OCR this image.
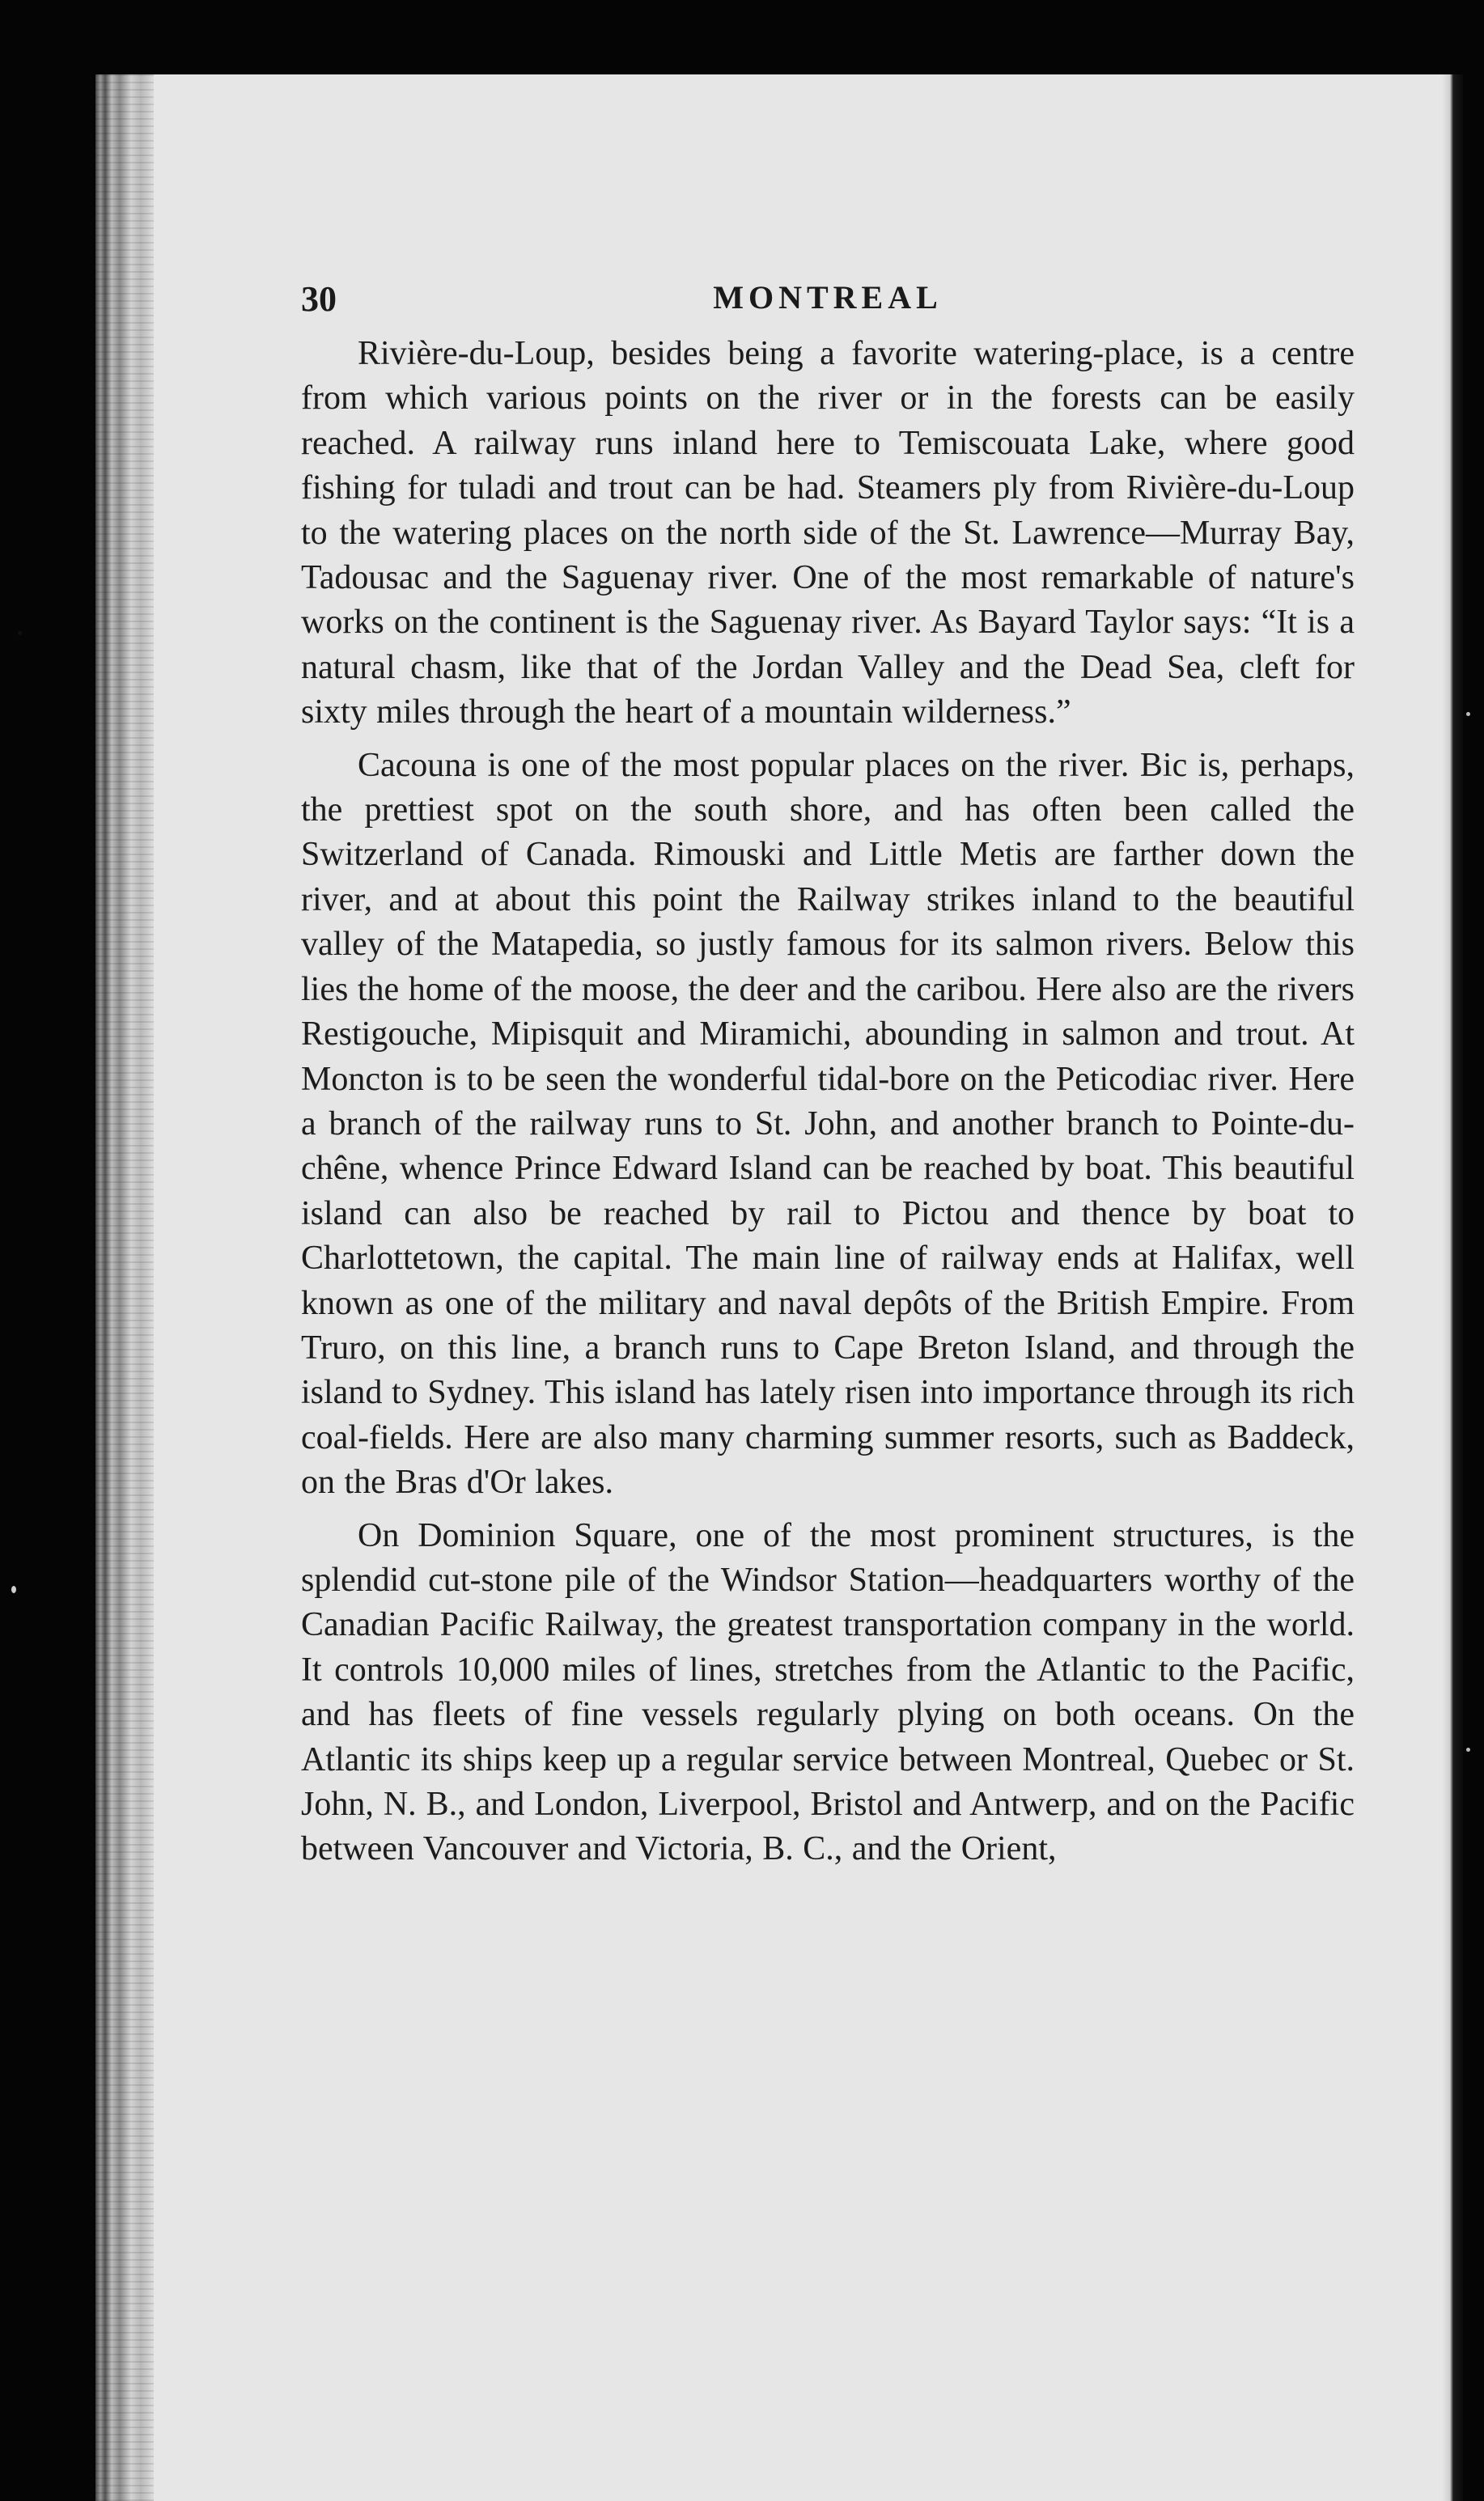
30	MONTREAL

Rivière-du-Loup, besides being a favorite watering-place, is a centre from which various points on the river or in the forests can be easily reached. A railway runs inland here to Temiscouata Lake, where good fishing for tuladi and trout can be had. Steamers ply from Rivière-du-Loup to the watering places on the north side of the St. Lawrence—Murray Bay, Tadousac and the Saguenay river. One of the most remarkable of nature's works on the continent is the Saguenay river. As Bayard Taylor says: “It is a natural chasm, like that of the Jordan Valley and the Dead Sea, cleft for sixty miles through the heart of a mountain wilderness.”

Cacouna is one of the most popular places on the river. Bic is, perhaps, the prettiest spot on the south shore, and has often been called the Switzerland of Canada. Rimouski and Little Metis are farther down the river, and at about this point the Railway strikes inland to the beautiful valley of the Matapedia, so justly famous for its salmon rivers. Below this lies the home of the moose, the deer and the caribou. Here also are the rivers Restigouche, Mipisquit and Miramichi, abounding in salmon and trout. At Moncton is to be seen the wonderful tidal-bore on the Peticodiac river. Here a branch of the railway runs to St. John, and another branch to Pointe-du-chêne, whence Prince Edward Island can be reached by boat. This beautiful island can also be reached by rail to Pictou and thence by boat to Charlottetown, the capital. The main line of railway ends at Halifax, well known as one of the military and naval depôts of the British Empire. From Truro, on this line, a branch runs to Cape Breton Island, and through the island to Sydney. This island has lately risen into importance through its rich coal-fields. Here are also many charming summer resorts, such as Baddeck, on the Bras d'Or lakes.

On Dominion Square, one of the most prominent structures, is the splendid cut-stone pile of the Windsor Station—headquarters worthy of the Canadian Pacific Railway, the greatest transportation company in the world. It controls 10,000 miles of lines, stretches from the Atlantic to the Pacific, and has fleets of fine vessels regularly plying on both oceans. On the Atlantic its ships keep up a regular service between Montreal, Quebec or St. John, N. B., and London, Liverpool, Bristol and Antwerp, and on the Pacific between Vancouver and Victoria, B. C., and the Orient,
